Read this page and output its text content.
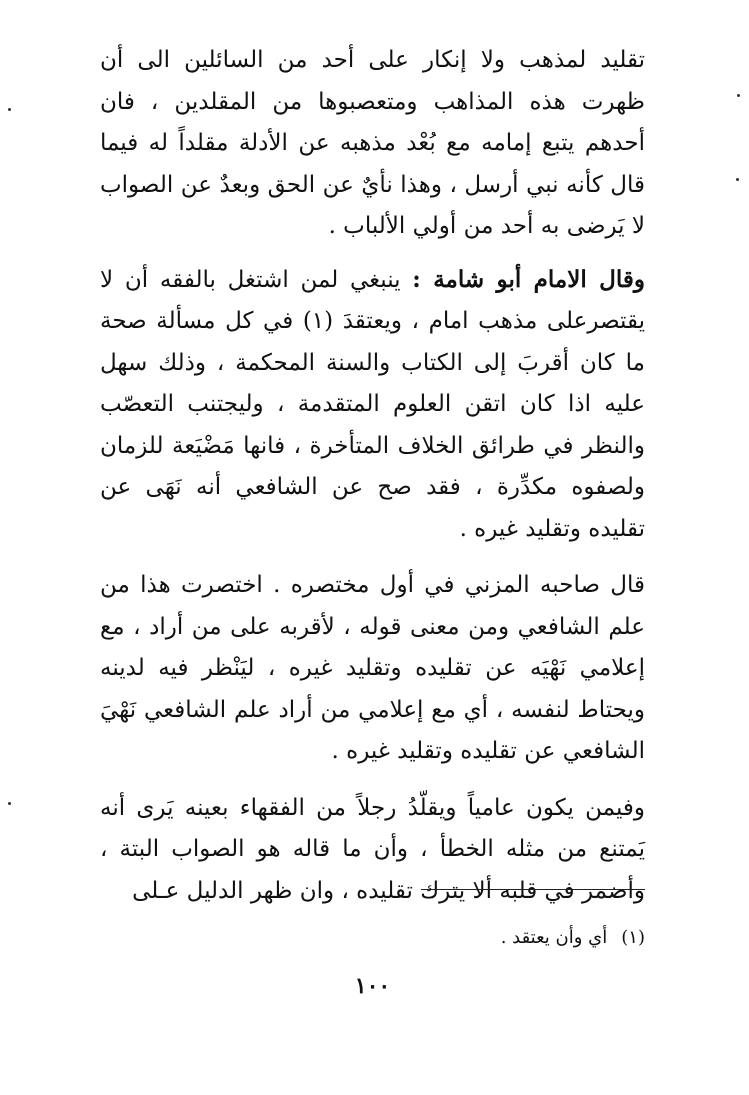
تقليد لمذهب ولا إنكار على أحد من السائلين الى أن ظهرت هذه المذاهب ومتعصبوها من المقلدين ، فان أحدهم يتبع إمامه مع بُعْد مذهبه عن الأدلة مقلداً له فيما قال كأنه نبي أرسل ، وهذا نأيٌ عن الحق وبعدٌ عن الصواب لا يَرضى به أحد من أولي الألباب .

وقال الامام أبو شامة : ينبغي لمن اشتغل بالفقه أن لا يقتصرعلى مذهب امام ، ويعتقدَ (١) في كل مسألة صحة ما كان أقربَ إلى الكتاب والسنة المحكمة ، وذلك سهل عليه اذا كان اتقن العلوم المتقدمة ، وليجتنب التعصّب والنظر في طرائق الخلاف المتأخرة ، فانها مَضْيَعة للزمان ولصفوه مكدِّرة ، فقد صح عن الشافعي أنه نَهَى عن تقليده وتقليد غيره .

قال صاحبه المزني في أول مختصره . اختصرت هذا من علم الشافعي ومن معنى قوله ، لأقربه على من أراد ، مع إعلامي نَهْيَه عن تقليده وتقليد غيره ، ليَنْظر فيه لدينه ويحتاط لنفسه ، أي مع إعلامي من أراد علم الشافعي نَهْيَ الشافعي عن تقليده وتقليد غيره .

وفيمن يكون عامياً ويقلّدُ رجلاً من الفقهاء بعينه يَرى أنه يَمتنع من مثله الخطأ ، وأن ما قاله هو الصواب البتة ، وأضمر في قلبه ألا يترك تقليده ، وان ظهر الدليل عـلى

(١)أي وأن يعتقد .
١٠٠
